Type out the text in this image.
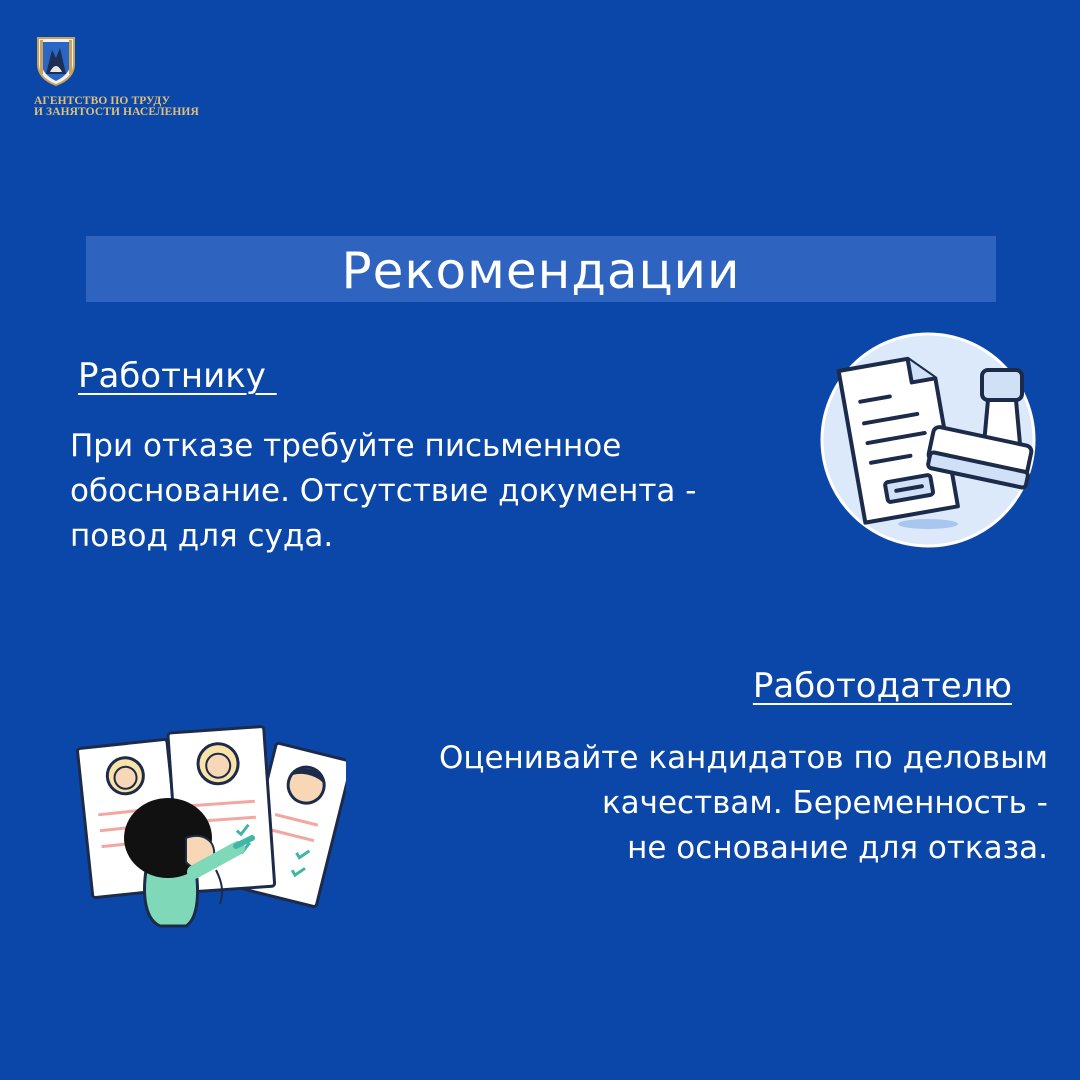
АГЕНТСТВО ПО ТРУДУ
И ЗАНЯТОСТИ НАСЕЛЕНИЯ
Рекомендации
Работнику
При отказе требуйте письменное
обоснование. Отсутствие документа -
повод для суда.
Работодателю
Оценивайте кандидатов по деловым
качествам. Беременность -
не основание для отказа.
